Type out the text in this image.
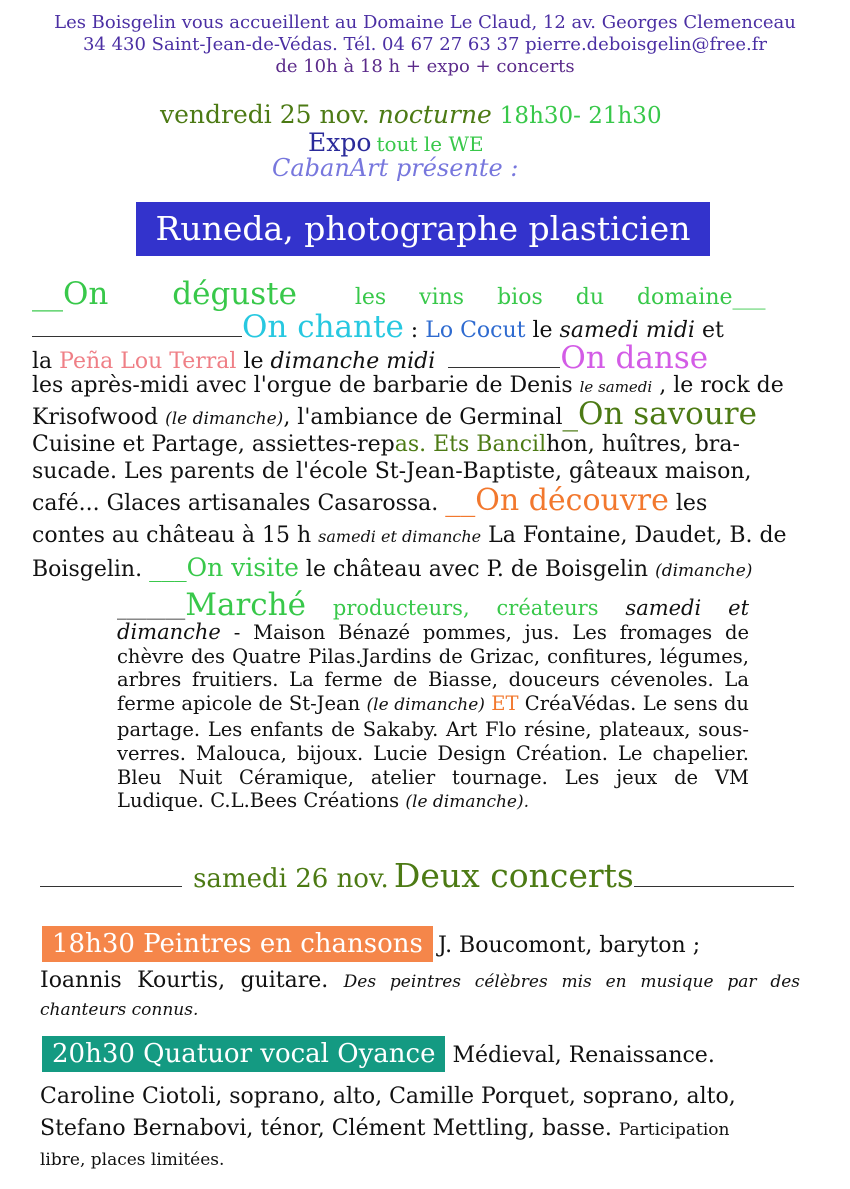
Les Boisgelin vous accueillent au Domaine Le Claud, 12 av. Georges Clemenceau
34 430 Saint-Jean-de-Védas. Tél. 04 67 27 63 37 pierre.deboisgelin@free.fr
de 10h à 18 h + expo + concerts
vendredi 25 nov. nocturne 18h30- 21h30
Expo tout le WE
CabanArt présente :
Runeda, photographe plasticien
__On déguste	les vins bios du domaine___
On chante : Lo Cocut le samedi midi et
la Peña Lou Terral le dimanche midi	On danse
les après-midi avec l'orgue de barbarie de Denis le samedi , le rock de
Krisofwood (le dimanche), l'ambiance de Germinal_On savoure
Cuisine et Partage, assiettes-repas. Ets Bancilhon, huîtres, bra-
sucade. Les parents de l'école St-Jean-Baptiste, gâteaux maison,
café... Glaces artisanales Casarossa. __On découvre les
contes au château à 15 h samedi et dimanche La Fontaine, Daudet, B. de
Boisgelin. ___On visite le château avec P. de Boisgelin (dimanche)
_______Marché producteurs, créateurs samedi et dimanche - Maison Bénazé pommes, jus. Les fromages de chèvre des Quatre Pilas.Jardins de Grizac, confitures, légumes, arbres fruitiers. La ferme de Biasse, douceurs cévenoles. La ferme apicole de St-Jean (le dimanche) ET CréaVédas. Le sens du partage. Les enfants de Sakaby. Art Flo résine, plateaux, sous-verres. Malouca, bijoux. Lucie Design Création. Le chapelier. Bleu Nuit Céramique, atelier tournage. Les jeux de VM Ludique. C.L.Bees Créations (le dimanche).
samedi 26 nov. Deux concerts
18h30 Peintres en chansons J. Boucomont, baryton ;
Ioannis Kourtis, guitare. Des peintres célèbres mis en musique par des chanteurs connus.
20h30 Quatuor vocal Oyance Médieval, Renaissance.
Caroline Ciotoli, soprano, alto, Camille Porquet, soprano, alto,
Stefano Bernabovi, ténor, Clément Mettling, basse. Participation
libre, places limitées.
